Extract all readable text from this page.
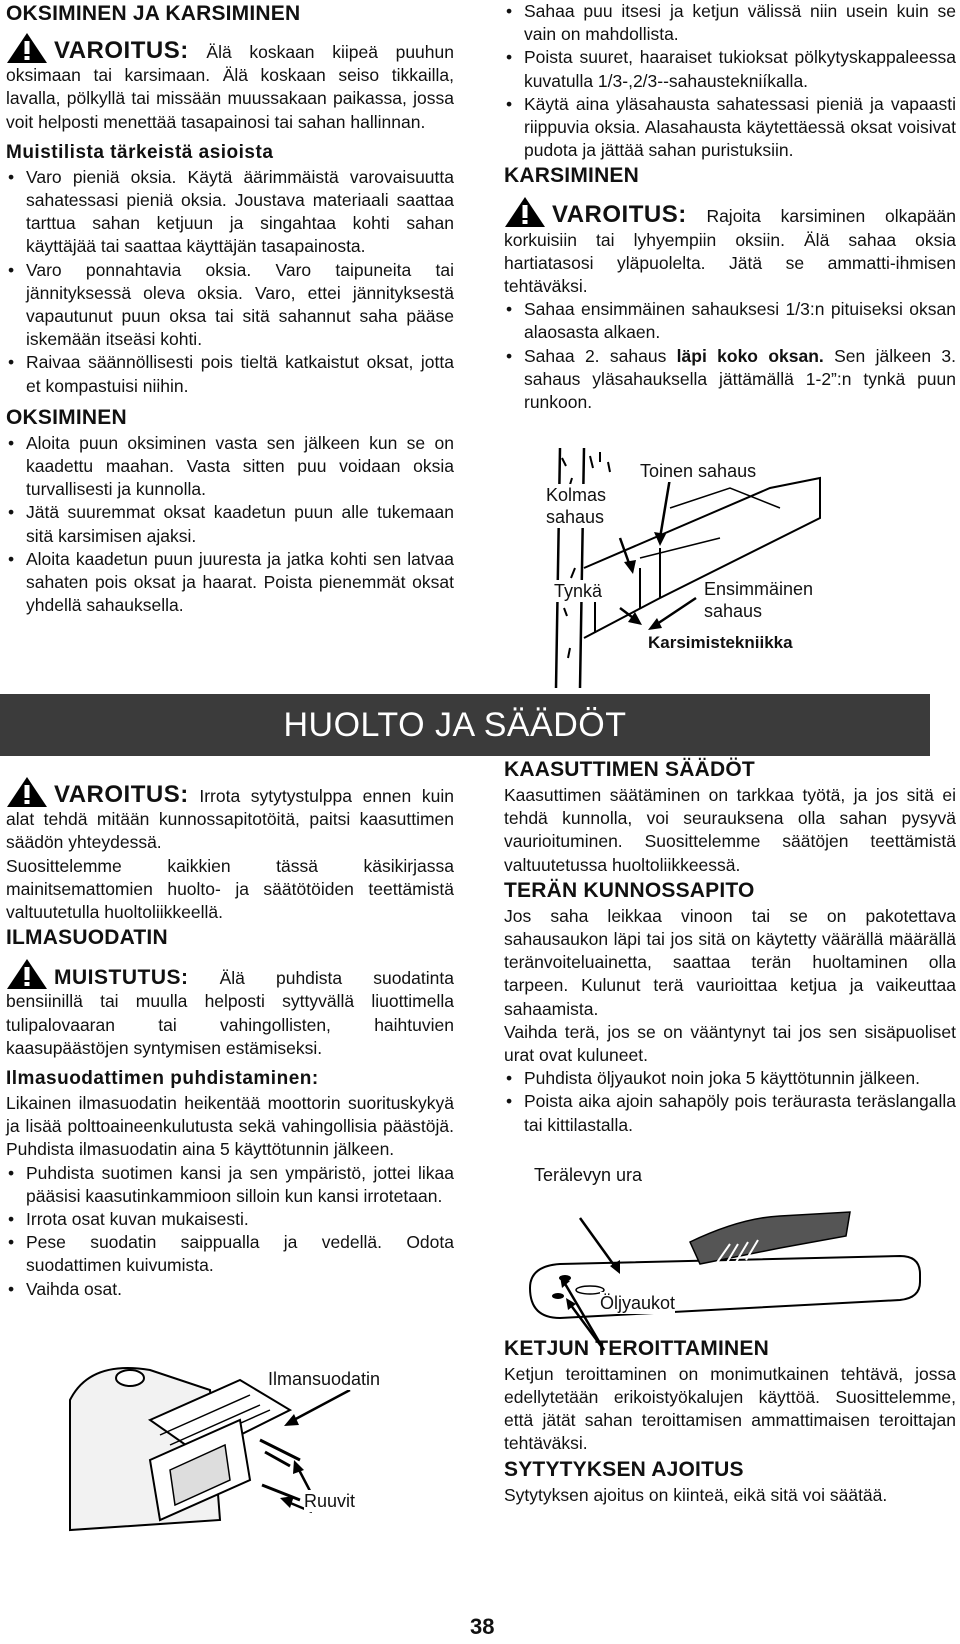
OKSIMINEN JA KARSIMINEN

VAROITUS: Älä koskaan kiipeä puuhun oksimaan tai karsimaan. Älä koskaan seiso tikkailla, lavalla, pölkyllä tai missään muussakaan paikassa, jossa voit helposti menettää tasapainosi tai sahan hallinnan.

Muistilista tärkeistä asioista
• Varo pieniä oksia. Käytä äärimmäistä varovaisuutta sahatessasi pieniä oksia. Joustava materiaali saattaa tarttua sahan ketjuun ja singahtaa kohti sahan käyttäjää tai saattaa käyttäjän tasapainosta.
• Varo ponnahtavia oksia. Varo taipuneita tai jännityksessä oleva oksia. Varo, ettei jännityksestä vapautunut puun oksa tai sitä sahannut saha pääse iskemään itseäsi kohti.
• Raivaa säännöllisesti pois tieltä katkaistut oksat, jotta et kompastuisi niihin.
OKSIMINEN
• Aloita puun oksiminen vasta sen jälkeen kun se on kaadettu maahan. Vasta sitten puu voidaan oksia turvallisesti ja kunnolla.
• Jätä suuremmat oksat kaadetun puun alle tukemaan sitä karsimisen ajaksi.
• Aloita kaadetun puun juuresta ja jatka kohti sen latvaa sahaten pois oksat ja haarat. Poista pienemmät oksat yhdellä sahauksella.
• Sahaa puu itsesi ja ketjun välissä niin usein kuin se vain on mahdollista.
• Poista suuret, haaraiset tukioksat pölkytyskappaleessa kuvatulla 1/3-,2/3--sahaustekniíkalla.
• Käytä aina yläsahausta sahatessasi pieniä ja vapaasti riippuvia oksia. Alasahausta käytettäessä oksat voisivat pudota ja jättää sahan puristuksiin.
KARSIMINEN

VAROITUS: Rajoita karsiminen olkapään korkuisiin tai lyhyempiin oksiin. Älä sahaa oksia hartiatasosi yläpuolelta. Jätä se ammatti-ihmisen tehtäväksi.

• Sahaa ensimmäinen sahauksesi 1/3:n pituiseksi oksan alaosasta alkaen.
• Sahaa 2. sahaus läpi koko oksan. Sen jälkeen 3. sahaus yläsahauksella jättämällä 1-2”:n tynkä puun runkoon.
Toinen sahaus
Kolmas sahaus
Tynkä	Ensimmäinen sahaus
Karsimistekniikka
HUOLTO JA SÄÄDÖT

VAROITUS: Irrota sytytystulppa ennen kuin alat tehdä mitään kunnossapitotöitä, paitsi kaasuttimen säädön yhteydessä.

Suosittelemme kaikkien tässä käsikirjassa mainitsemattomien huolto- ja säätötöiden teettämistä valtuutetulla huoltoliikkeellä.

ILMASUODATIN

MUISTUTUS: Älä puhdista suodatinta bensiinillä tai muulla helposti syttyvällä liuottimella tulipalovaaran tai vahingollisten, haihtuvien kaasupäästöjen syntymisen estämiseksi.

Ilmasuodattimen puhdistaminen:

Likainen ilmasuodatin heikentää moottorin suorituskykyä ja lisää polttoaineenkulutusta sekä vahingollisia päästöjä. Puhdista ilmasuodatin aina 5 käyttötunnin jälkeen.

• Puhdista suotimen kansi ja sen ympäristö, jottei likaa pääsisi kaasutinkammioon silloin kun kansi irrotetaan.
• Irrota osat kuvan mukaisesti.
• Pese suodatin saippualla ja vedellä. Odota suodattimen kuivumista.
• Vaihda osat.
Ilmansuodatin
Ruuvit
KAASUTTIMEN SÄÄDÖT

Kaasuttimen säätäminen on tarkkaa työtä, ja jos sitä ei tehdä kunnolla, voi seurauksena olla sahan pysyvä vaurioituminen. Suosittelemme säätöjen teettämistä valtuutetussa huoltoliikkeessä.

TERÄN KUNNOSSAPITO

Jos saha leikkaa vinoon tai se on pakotettava sahausaukon läpi tai jos sitä on käytetty väärällä määrällä teränvoiteluainetta, saattaa terän huoltaminen olla tarpeen. Kulunut terä vaurioittaa ketjua ja vaikeuttaa sahaamista.

Vaihda terä, jos se on vääntynyt tai jos sen sisäpuoliset urat ovat kuluneet.

• Puhdista öljyaukot noin joka 5 käyttötunnin jälkeen.
• Poista aika ajoin sahapöly pois teräurasta teräslangalla tai kittilastalla.
KETJUN TEROITTAMINEN

Ketjun teroittaminen on monimutkainen tehtävä, jossa edellytetään erikoistyökalujen käyttöä. Suosittelemme, että jätät sahan teroittamisen ammattimaisen teroittajan tehtäväksi.

SYTYTYKSEN AJOITUS

Sytytyksen ajoitus on kiinteä, eikä sitä voi säätää.

Terälevyn ura
Öljyaukot
38
